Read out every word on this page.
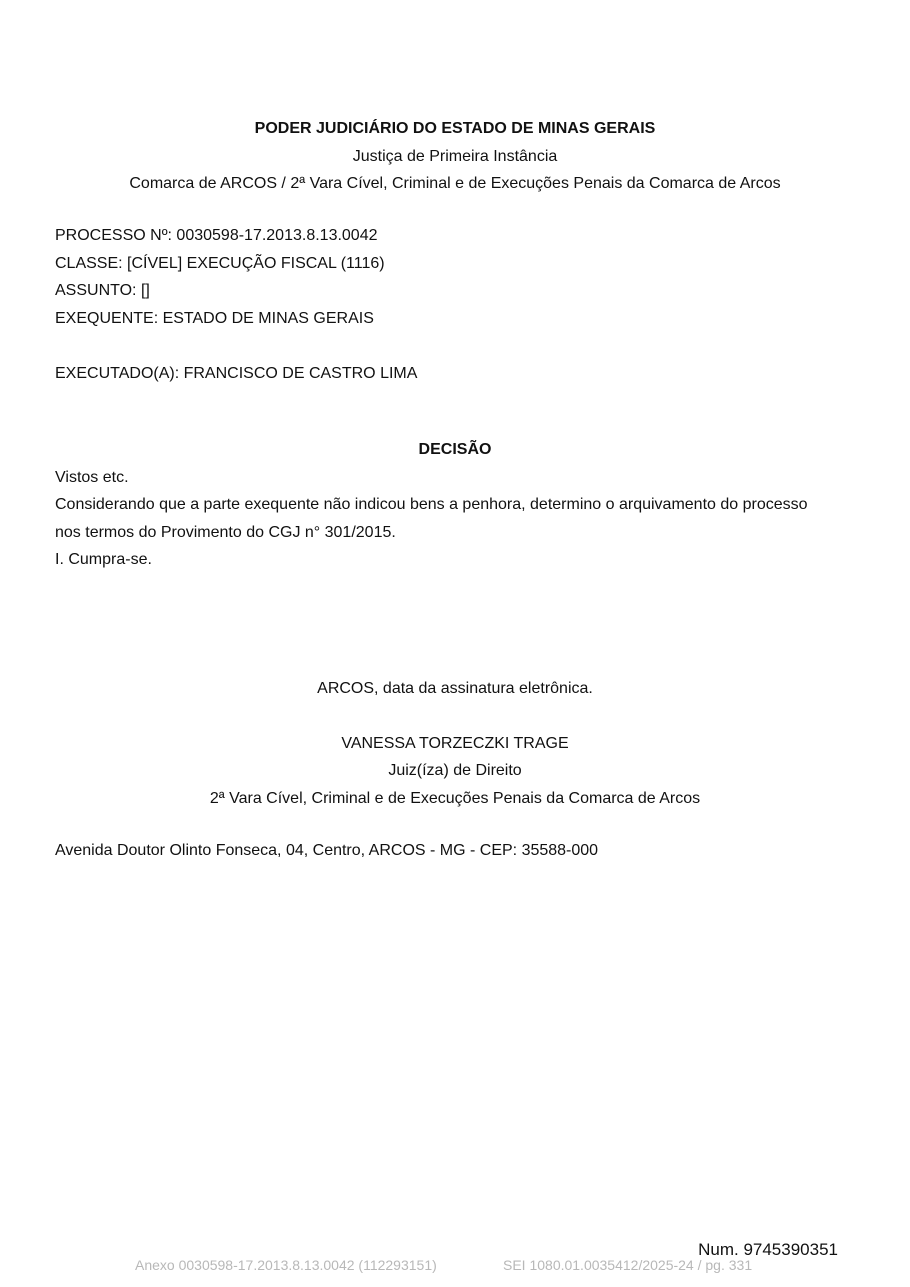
PODER JUDICIÁRIO DO ESTADO DE MINAS GERAIS
Justiça de Primeira Instância
Comarca de ARCOS / 2ª Vara Cível, Criminal e de Execuções Penais da Comarca de Arcos
PROCESSO Nº: 0030598-17.2013.8.13.0042
CLASSE: [CÍVEL] EXECUÇÃO FISCAL (1116)
ASSUNTO: []
EXEQUENTE: ESTADO DE MINAS GERAIS
EXECUTADO(A): FRANCISCO DE CASTRO LIMA
DECISÃO
Vistos etc.
Considerando que a parte exequente não indicou bens a penhora, determino o arquivamento do processo
nos termos do Provimento do CGJ n° 301/2015.
I. Cumpra-se.
ARCOS, data da assinatura eletrônica.
VANESSA TORZECZKI TRAGE
Juiz(íza) de Direito
2ª Vara Cível, Criminal e de Execuções Penais da Comarca de Arcos
Avenida Doutor Olinto Fonseca, 04, Centro, ARCOS - MG - CEP: 35588-000
Num. 9745390351
Anexo 0030598-17.2013.8.13.0042 (112293151)	SEI 1080.01.0035412/2025-24 / pg. 331
